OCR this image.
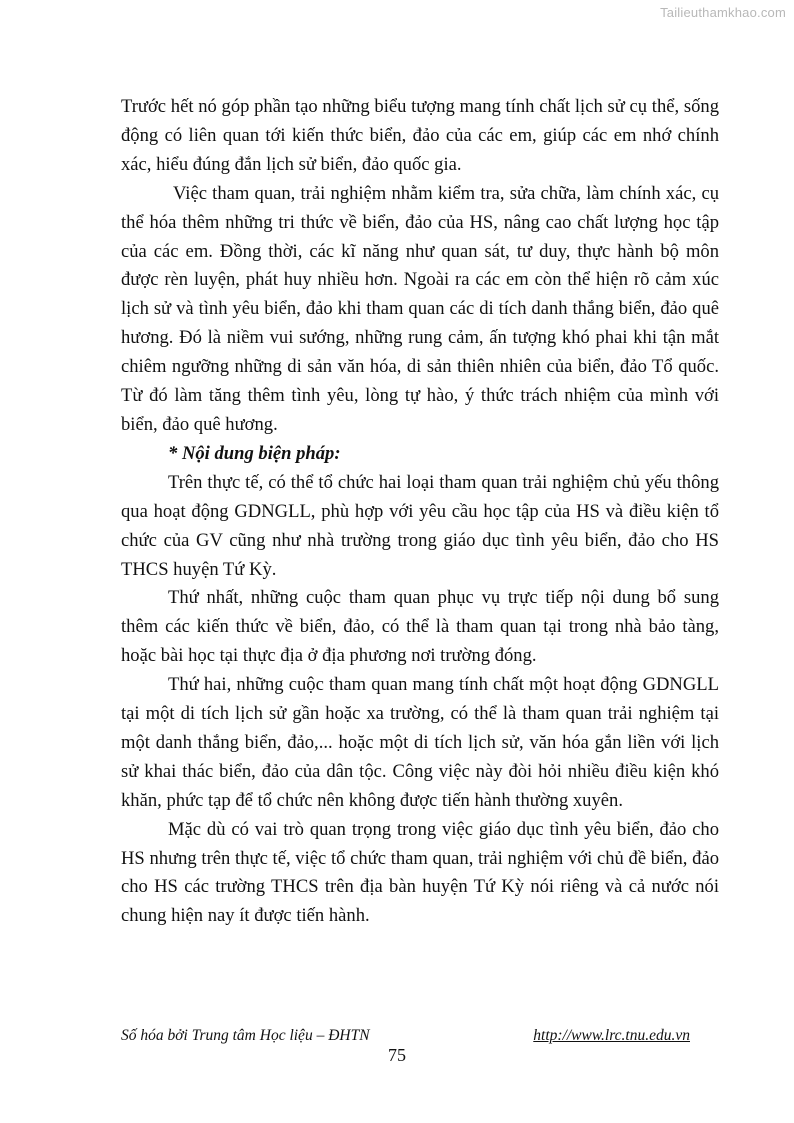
Tailieuthamkhao.com

Trước hết nó góp phần tạo những biểu tượng mang tính chất lịch sử cụ thể, sống động có liên quan tới kiến thức biển, đảo của các em, giúp các em nhớ chính xác, hiểu đúng đắn lịch sử biển, đảo quốc gia.

Việc tham quan, trải nghiệm nhằm kiểm tra, sửa chữa, làm chính xác, cụ thể hóa thêm những tri thức về biển, đảo của HS, nâng cao chất lượng học tập của các em. Đồng thời, các kĩ năng như quan sát, tư duy, thực hành bộ môn được rèn luyện, phát huy nhiều hơn. Ngoài ra các em còn thể hiện rõ cảm xúc lịch sử và tình yêu biển, đảo khi tham quan các di tích danh thắng biển, đảo quê hương. Đó là niềm vui sướng, những rung cảm, ấn tượng khó phai khi tận mắt chiêm ngưỡng những di sản văn hóa, di sản thiên nhiên của biển, đảo Tổ quốc. Từ đó làm tăng thêm tình yêu, lòng tự hào, ý thức trách nhiệm của mình với biển, đảo quê hương.

* Nội dung biện pháp:

Trên thực tế, có thể tổ chức hai loại tham quan trải nghiệm chủ yếu thông qua hoạt động GDNGLL, phù hợp với yêu cầu học tập của HS và điều kiện tổ chức của GV cũng như nhà trường trong giáo dục tình yêu biển, đảo cho HS THCS huyện Tứ Kỳ.

Thứ nhất, những cuộc tham quan phục vụ trực tiếp nội dung bổ sung thêm các kiến thức về biển, đảo, có thể là tham quan tại trong nhà bảo tàng, hoặc bài học tại thực địa ở địa phương nơi trường đóng.

Thứ hai, những cuộc tham quan mang tính chất một hoạt động GDNGLL tại một di tích lịch sử gần hoặc xa trường, có thể là tham quan trải nghiệm tại một danh thắng biển, đảo,... hoặc một di tích lịch sử, văn hóa gắn liền với lịch sử khai thác biển, đảo của dân tộc. Công việc này đòi hỏi nhiều điều kiện khó khăn, phức tạp để tổ chức nên không được tiến hành thường xuyên.

Mặc dù có vai trò quan trọng trong việc giáo dục tình yêu biển, đảo cho HS nhưng trên thực tế, việc tổ chức tham quan, trải nghiệm với chủ đề biển, đảo cho HS các trường THCS trên địa bàn huyện Tứ Kỳ nói riêng và cả nước nói chung hiện nay ít được tiến hành.

Số hóa bởi Trung tâm Học liệu – ĐHTN	http://www.lrc.tnu.edu.vn
75
